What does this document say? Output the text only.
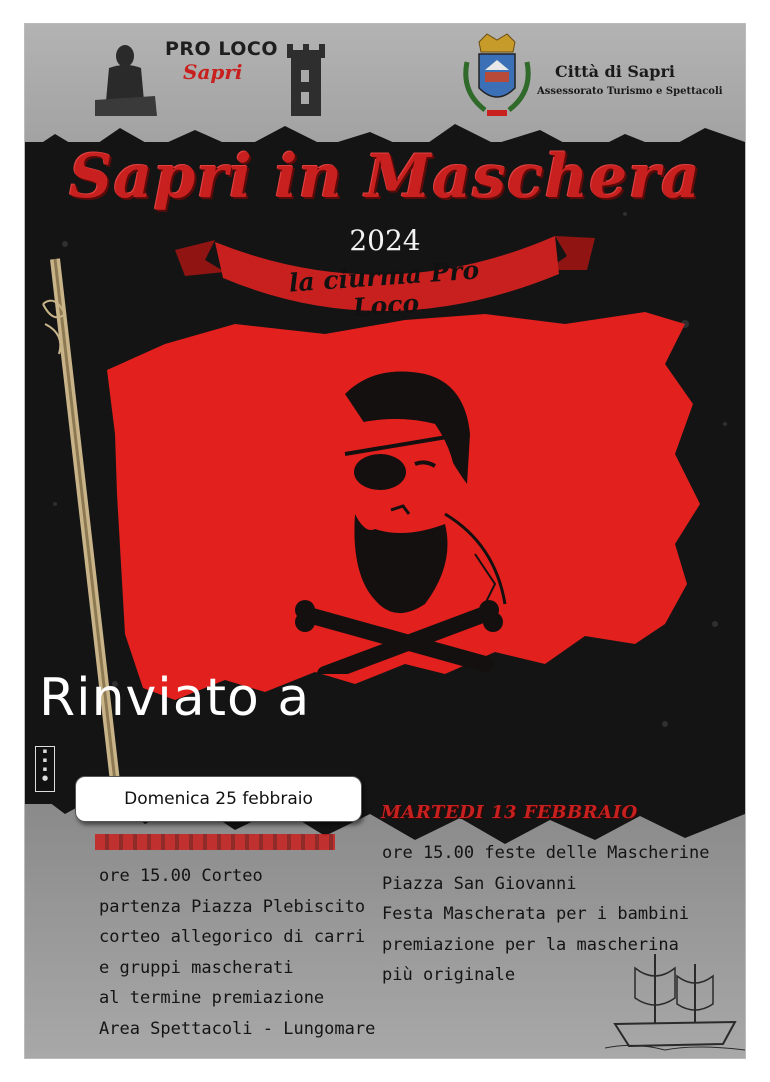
PRO LOCO
Sapri	Città di Sapri
Assessorato Turismo e Spettacoli
Sapri in Maschera
2024
la ciurma Pro Loco
Rinviato a
▪
▪
▪
●
Domenica 25 febbraio
MARTEDI 13 FEBBRAIO
ore 15.00 feste delle Mascherine
Piazza San Giovanni
Festa Mascherata per i bambini
premiazione per la mascherina
più originale
ore 15.00 Corteo
partenza Piazza Plebiscito
corteo allegorico di carri
e gruppi mascherati
al termine premiazione
Area Spettacoli - Lungomare
